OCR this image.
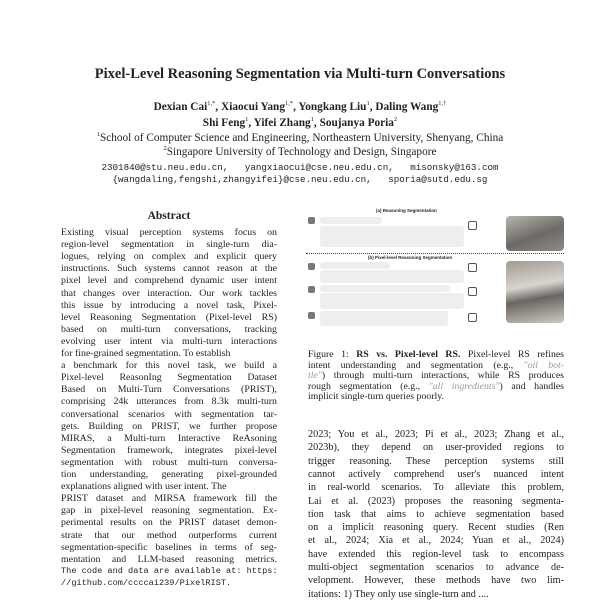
Pixel-Level Reasoning Segmentation via Multi-turn Conversations
Dexian Cai$^{1,*}$, Xiaocui Yang$^{1,*}$, Yongkang Liu$^1$, Daling Wang$^{1,\dagger}$
Shi Feng$^1$, Yifei Zhang$^1$, Soujanya Poria$^2$
$^1$School of Computer Science and Engineering, Northeastern University, Shenyang, China
$^2$Singapore University of Technology and Design, Singapore
2301840@stu.neu.edu.cn,   yangxiaocui@cse.neu.edu.cn,   misonsky@163.com
{wangdaling,fengshi,zhangyifei}@cse.neu.edu.cn,   sporia@sutd.edu.sg
Abstract
Existing visual perception systems focus on
region-level segmentation in single-turn dia-
logues, relying on complex and explicit query
instructions. Such systems cannot reason at the
pixel level and comprehend dynamic user intent
that changes over interaction. Our work tackles
this issue by introducing a novel task, Pixel-
level Reasoning Segmentation (Pixel-level RS)
based on multi-turn conversations, tracking
evolving user intent via multi-turn interactions
for fine-grained segmentation. To establish
a benchmark for this novel task, we build a
Pixel-level ReasonIng Segmentation Dataset
Based on Multi-Turn Conversations (PRIST),
comprising 24k utterances from 8.3k multi-turn
conversational scenarios with segmentation tar-
gets. Building on PRIST, we further propose
MIRAS, a Multi-turn Interactive ReAsoning
Segmentation framework, integrates pixel-level
segmentation with robust multi-turn conversa-
tion understanding, generating pixel-grounded
explanations aligned with user intent. The
PRIST dataset and MIRSA framework fill the
gap in pixel-level reasoning segmentation. Ex-
perimental results on the PRIST dataset demon-
strate that our method outperforms current
segmentation-specific baselines in terms of seg-
mentation and LLM-based reasoning metrics.
The code and data are available at: https:
//github.com/ccccai239/PixelRIST.
(a) Reasoning Segmentation
(b) Pixel-level Reasoning Segmentation
Figure 1: RS vs. Pixel-level RS. Pixel-level RS refines
intent understanding and segmentation (e.g., "oil bot-
tle") through multi-turn interactions, while RS produces
rough segmentation (e.g., "all ingredients") and handles
implicit single-turn queries poorly.
2023; You et al., 2023; Pi et al., 2023; Zhang et al.,
2023b), they depend on user-provided regions to
trigger reasoning. These perception systems still
cannot actively comprehend user's nuanced intent
in real-world scenarios. To alleviate this problem,
Lai et al. (2023) proposes the reasoning segmenta-
tion task that aims to achieve segmentation based
on a implicit reasoning query. Recent studies (Ren
et al., 2024; Xia et al., 2024; Yuan et al., 2024)
have extended this region-level task to encompass
multi-object segmentation scenarios to advance de-
velopment. However, these methods have two lim-
itations: 1) They only use single-turn and ....
